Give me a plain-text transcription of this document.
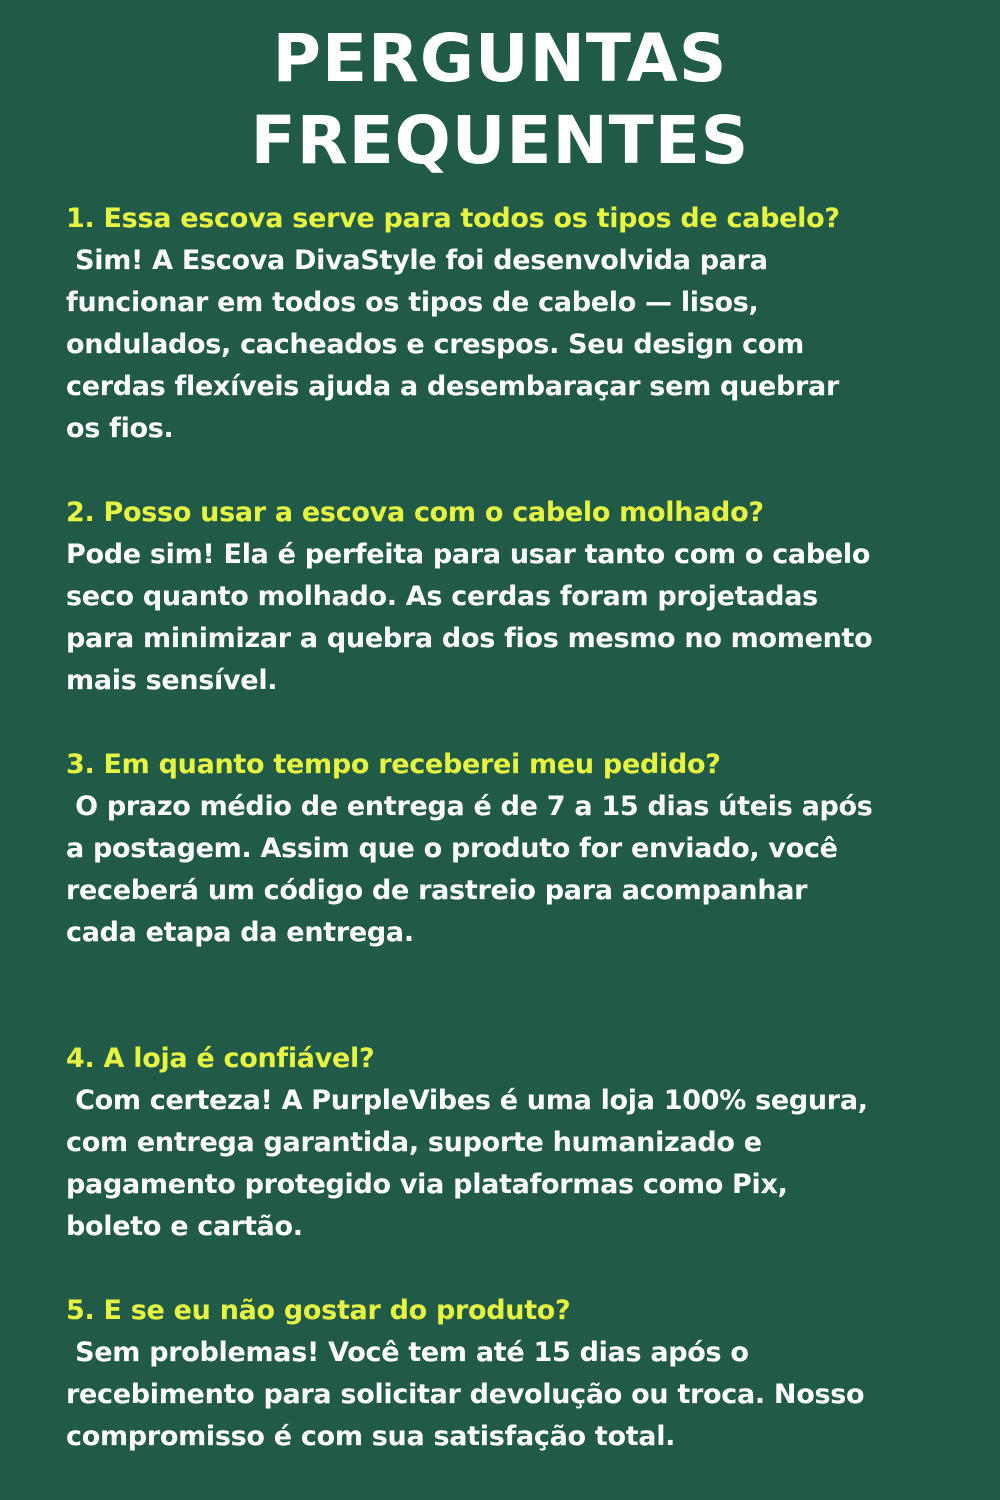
PERGUNTAS
FREQUENTES
1. Essa escova serve para todos os tipos de cabelo?
Sim! A Escova DivaStyle foi desenvolvida para
funcionar em todos os tipos de cabelo — lisos,
ondulados, cacheados e crespos. Seu design com
cerdas flexíveis ajuda a desembaraçar sem quebrar
os fios.
2. Posso usar a escova com o cabelo molhado?
Pode sim! Ela é perfeita para usar tanto com o cabelo
seco quanto molhado. As cerdas foram projetadas
para minimizar a quebra dos fios mesmo no momento
mais sensível.
3. Em quanto tempo receberei meu pedido?
O prazo médio de entrega é de 7 a 15 dias úteis após
a postagem. Assim que o produto for enviado, você
receberá um código de rastreio para acompanhar
cada etapa da entrega.
4. A loja é confiável?
Com certeza! A PurpleVibes é uma loja 100% segura,
com entrega garantida, suporte humanizado e
pagamento protegido via plataformas como Pix,
boleto e cartão.
5. E se eu não gostar do produto?
Sem problemas! Você tem até 15 dias após o
recebimento para solicitar devolução ou troca. Nosso
compromisso é com sua satisfação total.
